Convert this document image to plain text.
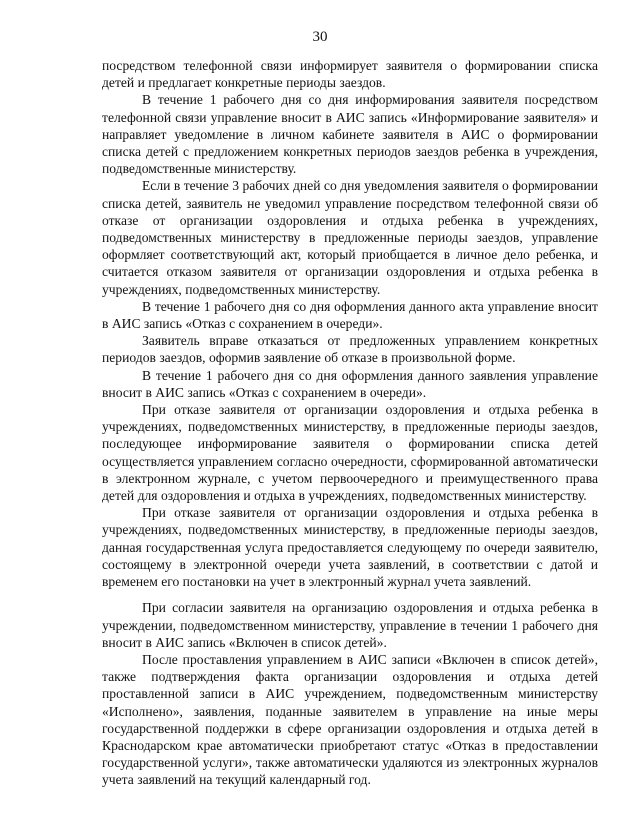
30

посредством телефонной связи информирует заявителя о формировании списка детей и предлагает конкретные периоды заездов.

В течение 1 рабочего дня со дня информирования заявителя посредством телефонной связи управление вносит в АИС запись «Информирование заявителя» и направляет уведомление в личном кабинете заявителя в АИС о формировании списка детей с предложением конкретных периодов заездов ребенка в учреждения, подведомственные министерству.

Если в течение 3 рабочих дней со дня уведомления заявителя о формировании списка детей, заявитель не уведомил управление посредством телефонной связи об отказе от организации оздоровления и отдыха ребенка в учреждениях, подведомственных министерству в предложенные периоды заездов, управление оформляет соответствующий акт, который приобщается в личное дело ребенка, и считается отказом заявителя от организации оздоровления и отдыха ребенка в учреждениях, подведомственных министерству.

В течение 1 рабочего дня со дня оформления данного акта управление вносит в АИС запись «Отказ с сохранением в очереди».

Заявитель вправе отказаться от предложенных управлением конкретных периодов заездов, оформив заявление об отказе в произвольной форме.

В течение 1 рабочего дня со дня оформления данного заявления управление вносит в АИС запись «Отказ с сохранением в очереди».

При отказе заявителя от организации оздоровления и отдыха ребенка в учреждениях, подведомственных министерству, в предложенные периоды заездов, последующее информирование заявителя о формировании списка детей осуществляется управлением согласно очередности, сформированной автоматически в электронном журнале, с учетом первоочередного и преимущественного права детей для оздоровления и отдыха в учреждениях, подведомственных министерству.

При отказе заявителя от организации оздоровления и отдыха ребенка в учреждениях, подведомственных министерству, в предложенные периоды заездов, данная государственная услуга предоставляется следующему по очереди заявителю, состоящему в электронной очереди учета заявлений, в соответствии с датой и временем его постановки на учет в электронный журнал учета заявлений.

При согласии заявителя на организацию оздоровления и отдыха ребенка в учреждении, подведомственном министерству, управление в течении 1 рабочего дня вносит в АИС запись «Включен в список детей».

После проставления управлением в АИС записи «Включен в список детей», также подтверждения факта организации оздоровления и отдыха детей проставленной записи в АИС учреждением, подведомственным министерству «Исполнено», заявления, поданные заявителем в управление на иные меры государственной поддержки в сфере организации оздоровления и отдыха детей в Краснодарском крае автоматически приобретают статус «Отказ в предоставлении государственной услуги», также автоматически удаляются из электронных журналов учета заявлений на текущий календарный год.
